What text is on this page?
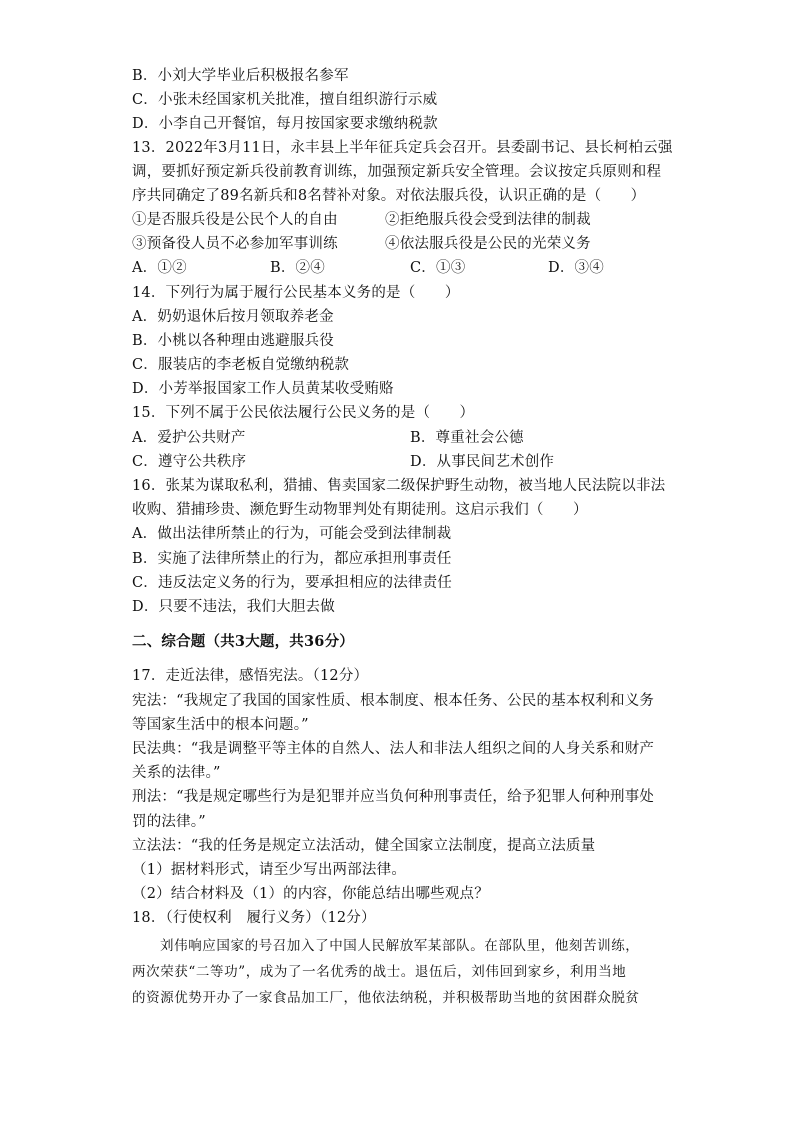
B．小刘大学毕业后积极报名参军
C．小张未经国家机关批准，擅自组织游行示威
D．小李自己开餐馆，每月按国家要求缴纳税款
13．2022年3月11日，永丰县上半年征兵定兵会召开。县委副书记、县长柯柏云强
调，要抓好预定新兵役前教育训练，加强预定新兵安全管理。会议按定兵原则和程
序共同确定了89名新兵和8名替补对象。对依法服兵役，认识正确的是（　　）
①是否服兵役是公民个人的自由	②拒绝服兵役会受到法律的制裁
③预备役人员不必参加军事训练	④依法服兵役是公民的光荣义务
A．①②	B．②④	C．①③	D．③④
14．下列行为属于履行公民基本义务的是（　　）
A．奶奶退休后按月领取养老金
B．小桃以各种理由逃避服兵役
C．服装店的李老板自觉缴纳税款
D．小芳举报国家工作人员黄某收受贿赂
15．下列不属于公民依法履行公民义务的是（　　）
A．爱护公共财产	B．尊重社会公德
C．遵守公共秩序	D．从事民间艺术创作
16．张某为谋取私利，猎捕、售卖国家二级保护野生动物，被当地人民法院以非法
收购、猎捕珍贵、濒危野生动物罪判处有期徒刑。这启示我们（　　）
A．做出法律所禁止的行为，可能会受到法律制裁
B．实施了法律所禁止的行为，都应承担刑事责任
C．违反法定义务的行为，要承担相应的法律责任
D．只要不违法，我们大胆去做
二、综合题（共3大题，共36分）
17．走近法律，感悟宪法。（12分）
宪法：“我规定了我国的国家性质、根本制度、根本任务、公民的基本权利和义务
等国家生活中的根本问题。”
民法典：“我是调整平等主体的自然人、法人和非法人组织之间的人身关系和财产
关系的法律。”
刑法：“我是规定哪些行为是犯罪并应当负何种刑事责任，给予犯罪人何种刑事处
罚的法律。”
立法法：“我的任务是规定立法活动，健全国家立法制度，提高立法质量
（1）据材料形式，请至少写出两部法律。
（2）结合材料及（1）的内容，你能总结出哪些观点？
18．（行使权利　履行义务）（12分）
刘伟响应国家的号召加入了中国人民解放军某部队。在部队里，他刻苦训练，
两次荣获“二等功”，成为了一名优秀的战士。退伍后，刘伟回到家乡，利用当地
的资源优势开办了一家食品加工厂，他依法纳税，并积极帮助当地的贫困群众脱贫
